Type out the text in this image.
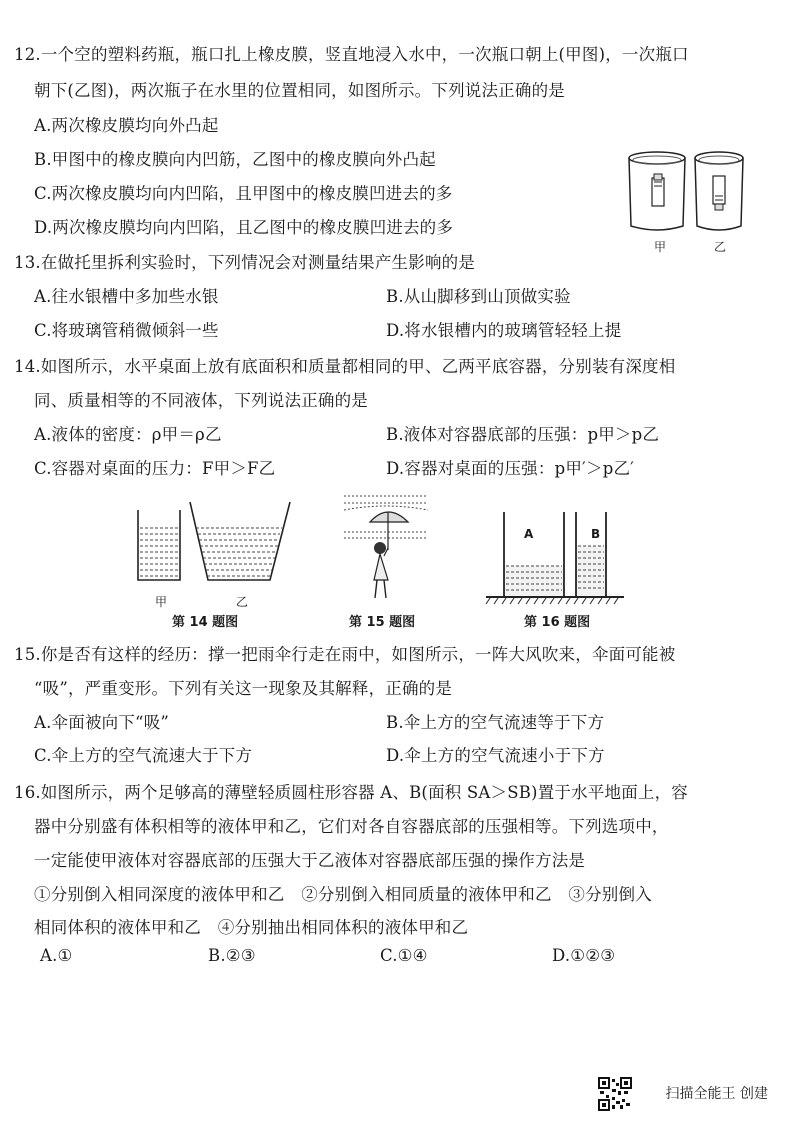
12.一个空的塑料药瓶，瓶口扎上橡皮膜，竖直地浸入水中，一次瓶口朝上(甲图)，一次瓶口
朝下(乙图)，两次瓶子在水里的位置相同，如图所示。下列说法正确的是
A.两次橡皮膜均向外凸起
B.甲图中的橡皮膜向内凹筋，乙图中的橡皮膜向外凸起
C.两次橡皮膜均向内凹陷，且甲图中的橡皮膜凹进去的多
D.两次橡皮膜均向内凹陷，且乙图中的橡皮膜凹进去的多
甲	乙
13.在做托里拆利实验时，下列情况会对测量结果产生影响的是
A.往水银槽中多加些水银	B.从山脚移到山顶做实验
C.将玻璃管稍微倾斜一些	D.将水银槽内的玻璃管轻轻上提
14.如图所示，水平桌面上放有底面积和质量都相同的甲、乙两平底容器，分别装有深度相
同、质量相等的不同液体，下列说法正确的是
A.液体的密度：ρ甲＝ρ乙	B.液体对容器底部的压强：p甲＞p乙
C.容器对桌面的压力：F甲＞F乙	D.容器对桌面的压强：p甲′＞p乙′
甲	乙
第 14 题图	第 15 题图
A	B
第 16 题图
15.你是否有这样的经历：撑一把雨伞行走在雨中，如图所示，一阵大风吹来，伞面可能被
“吸”，严重变形。下列有关这一现象及其解释，正确的是
A.伞面被向下“吸”	B.伞上方的空气流速等于下方
C.伞上方的空气流速大于下方	D.伞上方的空气流速小于下方
16.如图所示，两个足够高的薄壁轻质圆柱形容器 A、B(面积 SA＞SB)置于水平地面上，容
器中分别盛有体积相等的液体甲和乙，它们对各自容器底部的压强相等。下列选项中，
一定能使甲液体对容器底部的压强大于乙液体对容器底部压强的操作方法是
①分别倒入相同深度的液体甲和乙　②分别倒入相同质量的液体甲和乙　③分别倒入
相同体积的液体甲和乙　④分别抽出相同体积的液体甲和乙
A.①	B.②③	C.①④	D.①②③
扫描全能王 创建
